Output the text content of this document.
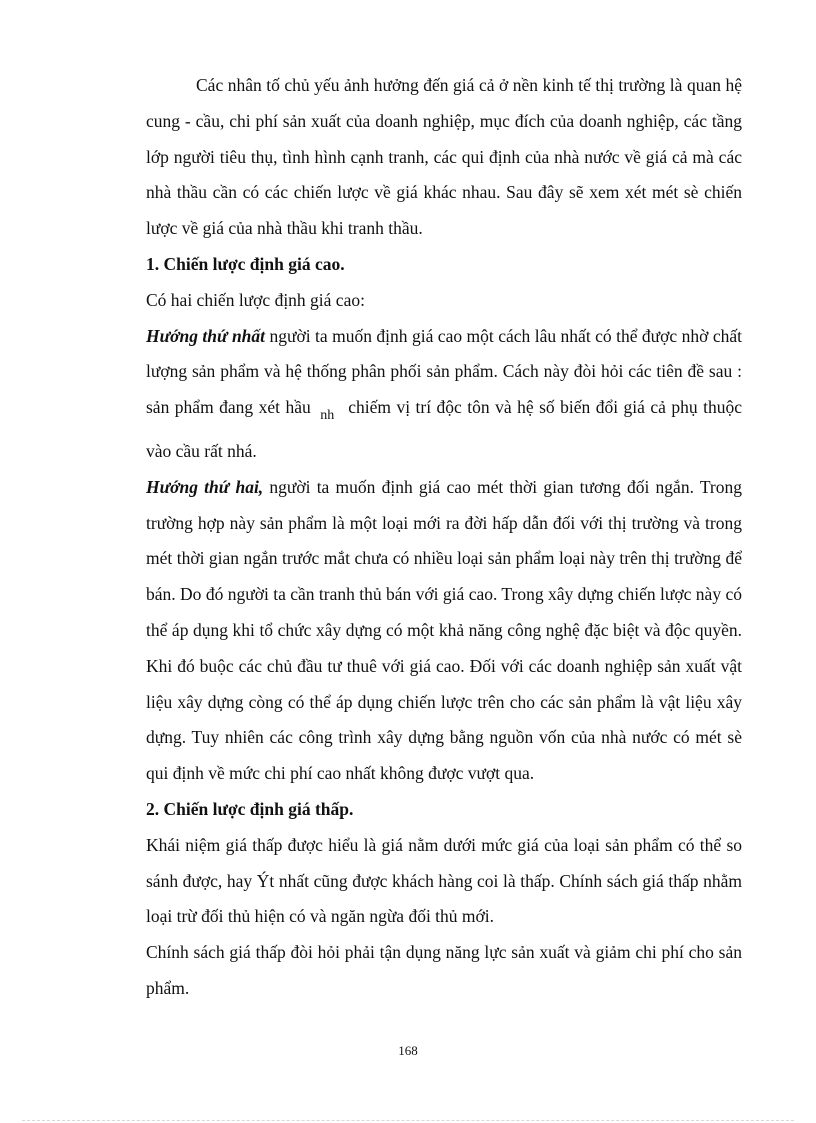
Các nhân tố chủ yếu ảnh hưởng đến giá cả ở nền kinh tế thị trường là quan hệ cung - cầu, chi phí sản xuất của doanh nghiệp, mục đích của doanh nghiệp, các tầng lớp người tiêu thụ, tình hình cạnh tranh, các qui định của nhà nước về giá cả mà các nhà thầu cần có các chiến lược về giá khác nhau. Sau đây sẽ xem xét mét sè chiến lược về giá của nhà thầu khi tranh thầu.

1. Chiến lược định giá cao.

Có hai chiến lược định giá cao:

Hướng thứ nhất người ta muốn định giá cao một cách lâu nhất có thể được nhờ chất lượng sản phẩm và hệ thống phân phối sản phẩm. Cách này đòi hỏi các tiên đề sau : sản phẩm đang xét hầu $_{nh}$ chiếm vị trí độc tôn và hệ số biến đổi giá cả phụ thuộc vào cầu rất nhá.

Hướng thứ hai, người ta muốn định giá cao mét thời gian tương đối ngắn. Trong trường hợp này sản phẩm là một loại mới ra đời hấp dẫn đối với thị trường và trong mét thời gian ngắn trước mắt chưa có nhiều loại sản phẩm loại này trên thị trường để bán. Do đó người ta cần tranh thủ bán với giá cao. Trong xây dựng chiến lược này có thể áp dụng khi tổ chức xây dựng có một khả năng công nghệ đặc biệt và độc quyền. Khi đó buộc các chủ đầu tư thuê với giá cao. Đối với các doanh nghiệp sản xuất vật liệu xây dựng còng có thể áp dụng chiến lược trên cho các sản phẩm là vật liệu xây dựng. Tuy nhiên các công trình xây dựng bằng nguồn vốn của nhà nước có mét sè qui định về mức chi phí cao nhất không được vượt qua.

2. Chiến lược định giá thấp.

Khái niệm giá thấp được hiểu là giá nằm dưới mức giá của loại sản phẩm có thể so sánh được, hay Ýt nhất cũng được khách hàng coi là thấp. Chính sách giá thấp nhằm loại trừ đối thủ hiện có và ngăn ngừa đối thủ mới.

Chính sách giá thấp đòi hỏi phải tận dụng năng lực sản xuất và giảm chi phí cho sản phẩm.

168
